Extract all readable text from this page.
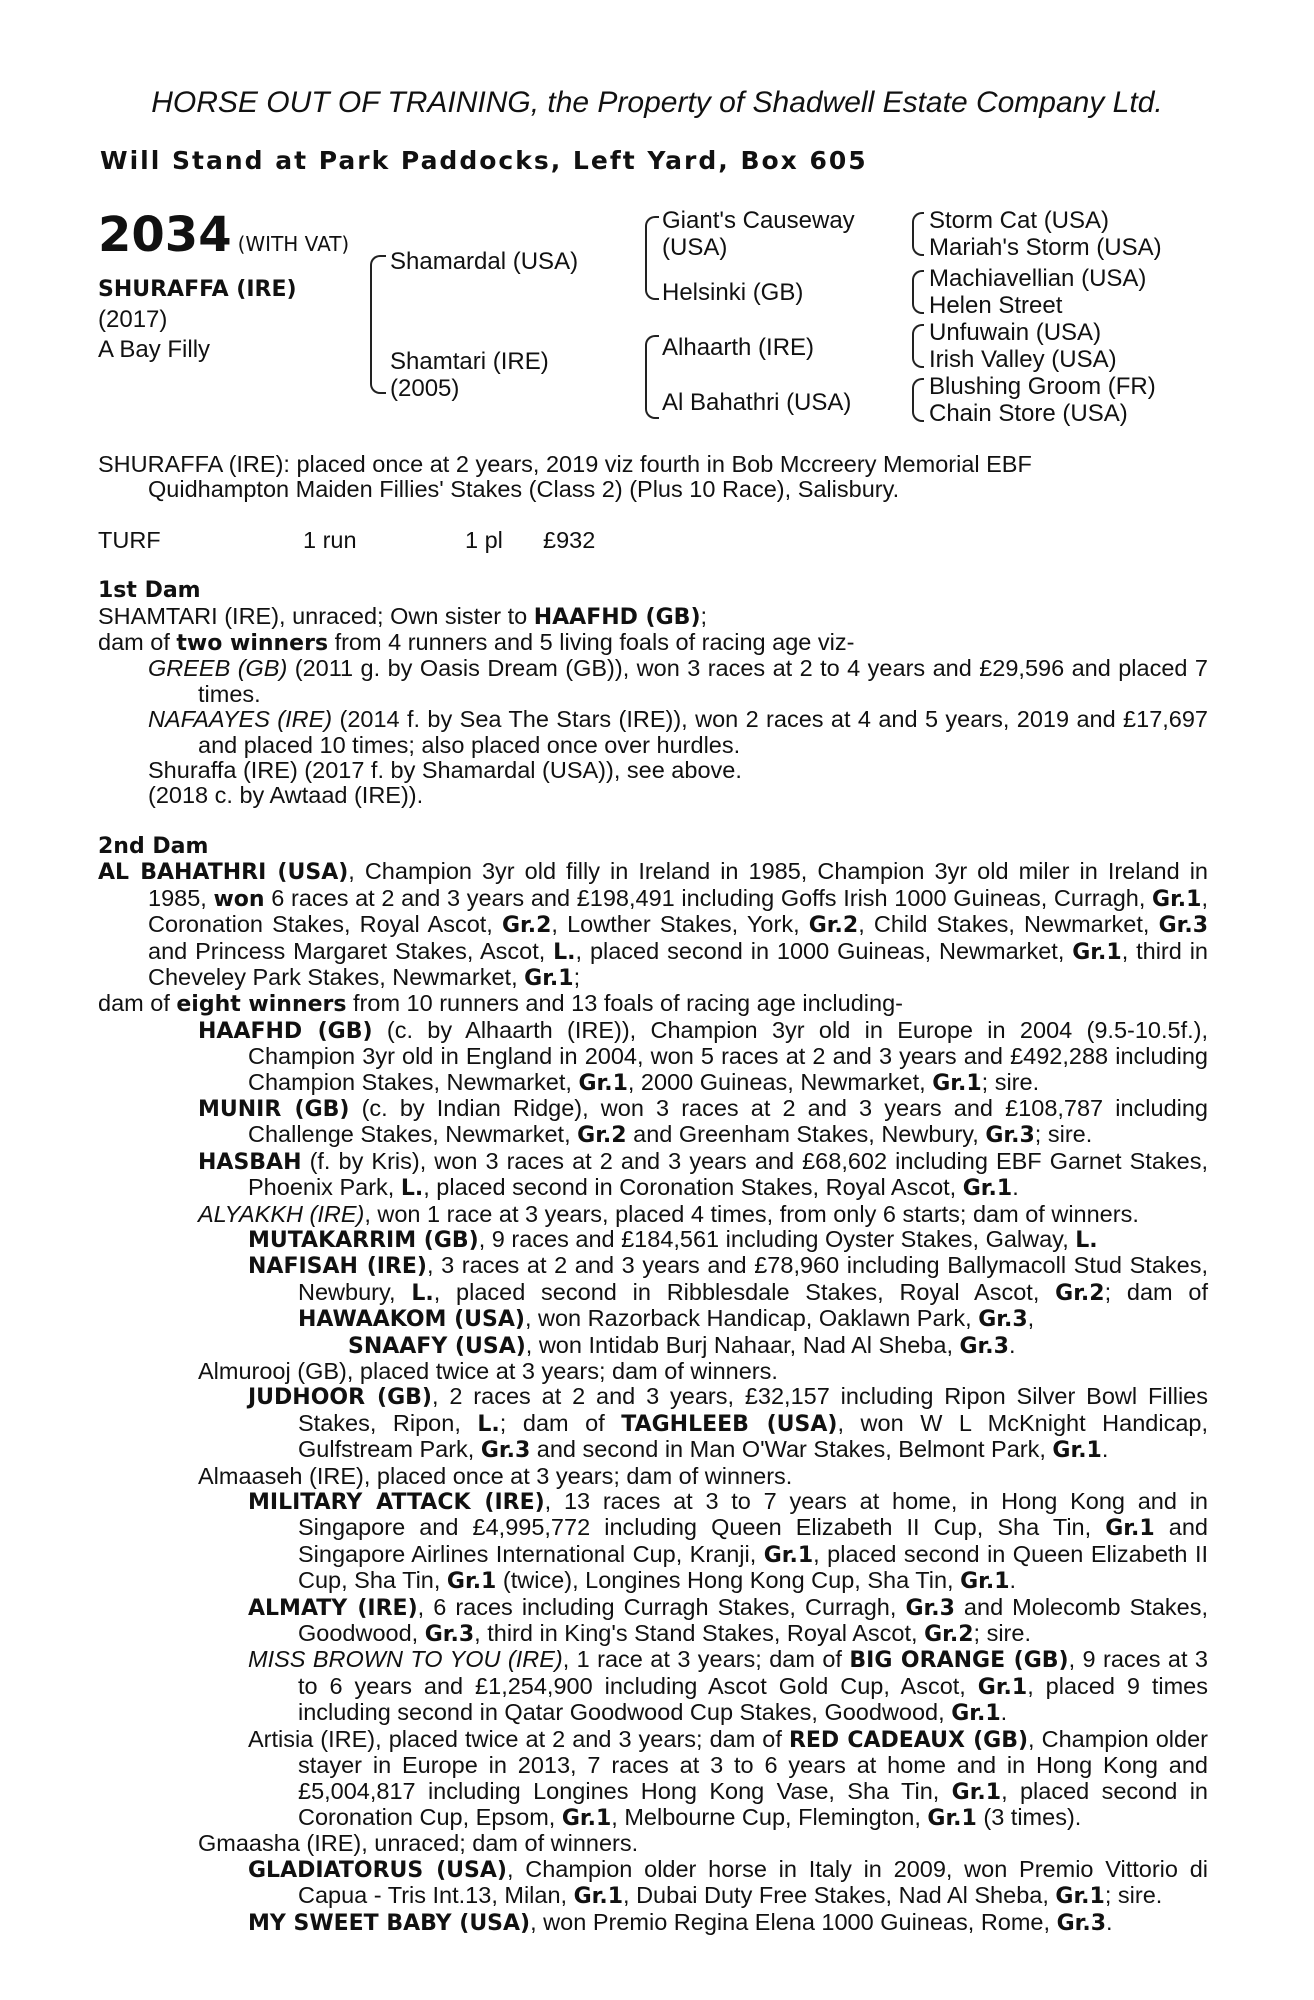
HORSE OUT OF TRAINING, the Property of Shadwell Estate Company Ltd.
Will Stand at Park Paddocks, Left Yard, Box 605
2034 (WITH VAT)
SHURAFFA (IRE)
(2017)
A Bay Filly
Shamardal (USA)
Shamtari (IRE)
(2005)
Giant's Causeway
(USA)
Helsinki (GB)
Alhaarth (IRE)
Al Bahathri (USA)
Storm Cat (USA)
Mariah's Storm (USA)
Machiavellian (USA)
Helen Street
Unfuwain (USA)
Irish Valley (USA)
Blushing Groom (FR)
Chain Store (USA)

SHURAFFA (IRE): placed once at 2 years, 2019 viz fourth in Bob Mccreery Memorial EBF

Quidhampton Maiden Fillies' Stakes (Class 2) (Plus 10 Race), Salisbury.

TURF	1 run	1 pl £932

1st Dam

SHAMTARI (IRE), unraced; Own sister to HAAFHD (GB);

dam of two winners from 4 runners and 5 living foals of racing age viz-

GREEB (GB) (2011 g. by Oasis Dream (GB)), won 3 races at 2 to 4 years and £29,596 and placed 7 times.

NAFAAYES (IRE) (2014 f. by Sea The Stars (IRE)), won 2 races at 4 and 5 years, 2019 and £17,697 and placed 10 times; also placed once over hurdles.

Shuraffa (IRE) (2017 f. by Shamardal (USA)), see above.

(2018 c. by Awtaad (IRE)).

2nd Dam

AL BAHATHRI (USA), Champion 3yr old filly in Ireland in 1985, Champion 3yr old miler in Ireland in 1985, won 6 races at 2 and 3 years and £198,491 including Goffs Irish 1000 Guineas, Curragh, Gr.1, Coronation Stakes, Royal Ascot, Gr.2, Lowther Stakes, York, Gr.2, Child Stakes, Newmarket, Gr.3 and Princess Margaret Stakes, Ascot, L., placed second in 1000 Guineas, Newmarket, Gr.1, third in Cheveley Park Stakes, Newmarket, Gr.1;

dam of eight winners from 10 runners and 13 foals of racing age including-

HAAFHD (GB) (c. by Alhaarth (IRE)), Champion 3yr old in Europe in 2004 (9.5-10.5f.), Champion 3yr old in England in 2004, won 5 races at 2 and 3 years and £492,288 including Champion Stakes, Newmarket, Gr.1, 2000 Guineas, Newmarket, Gr.1; sire.

MUNIR (GB) (c. by Indian Ridge), won 3 races at 2 and 3 years and £108,787 including Challenge Stakes, Newmarket, Gr.2 and Greenham Stakes, Newbury, Gr.3; sire.

HASBAH (f. by Kris), won 3 races at 2 and 3 years and £68,602 including EBF Garnet Stakes, Phoenix Park, L., placed second in Coronation Stakes, Royal Ascot, Gr.1.

ALYAKKH (IRE), won 1 race at 3 years, placed 4 times, from only 6 starts; dam of winners.

MUTAKARRIM (GB), 9 races and £184,561 including Oyster Stakes, Galway, L.

NAFISAH (IRE), 3 races at 2 and 3 years and £78,960 including Ballymacoll Stud Stakes, Newbury, L., placed second in Ribblesdale Stakes, Royal Ascot, Gr.2; dam of HAWAAKOM (USA), won Razorback Handicap, Oaklawn Park, Gr.3,

SNAAFY (USA), won Intidab Burj Nahaar, Nad Al Sheba, Gr.3.

Almurooj (GB), placed twice at 3 years; dam of winners.

JUDHOOR (GB), 2 races at 2 and 3 years, £32,157 including Ripon Silver Bowl Fillies Stakes, Ripon, L.; dam of TAGHLEEB (USA), won W L McKnight Handicap, Gulfstream Park, Gr.3 and second in Man O'War Stakes, Belmont Park, Gr.1.

Almaaseh (IRE), placed once at 3 years; dam of winners.

MILITARY ATTACK (IRE), 13 races at 3 to 7 years at home, in Hong Kong and in Singapore and £4,995,772 including Queen Elizabeth II Cup, Sha Tin, Gr.1 and Singapore Airlines International Cup, Kranji, Gr.1, placed second in Queen Elizabeth II Cup, Sha Tin, Gr.1 (twice), Longines Hong Kong Cup, Sha Tin, Gr.1.

ALMATY (IRE), 6 races including Curragh Stakes, Curragh, Gr.3 and Molecomb Stakes, Goodwood, Gr.3, third in King's Stand Stakes, Royal Ascot, Gr.2; sire.

MISS BROWN TO YOU (IRE), 1 race at 3 years; dam of BIG ORANGE (GB), 9 races at 3 to 6 years and £1,254,900 including Ascot Gold Cup, Ascot, Gr.1, placed 9 times including second in Qatar Goodwood Cup Stakes, Goodwood, Gr.1.

Artisia (IRE), placed twice at 2 and 3 years; dam of RED CADEAUX (GB), Champion older stayer in Europe in 2013, 7 races at 3 to 6 years at home and in Hong Kong and £5,004,817 including Longines Hong Kong Vase, Sha Tin, Gr.1, placed second in Coronation Cup, Epsom, Gr.1, Melbourne Cup, Flemington, Gr.1 (3 times).

Gmaasha (IRE), unraced; dam of winners.

GLADIATORUS (USA), Champion older horse in Italy in 2009, won Premio Vittorio di Capua - Tris Int.13, Milan, Gr.1, Dubai Duty Free Stakes, Nad Al Sheba, Gr.1; sire.

MY SWEET BABY (USA), won Premio Regina Elena 1000 Guineas, Rome, Gr.3.
